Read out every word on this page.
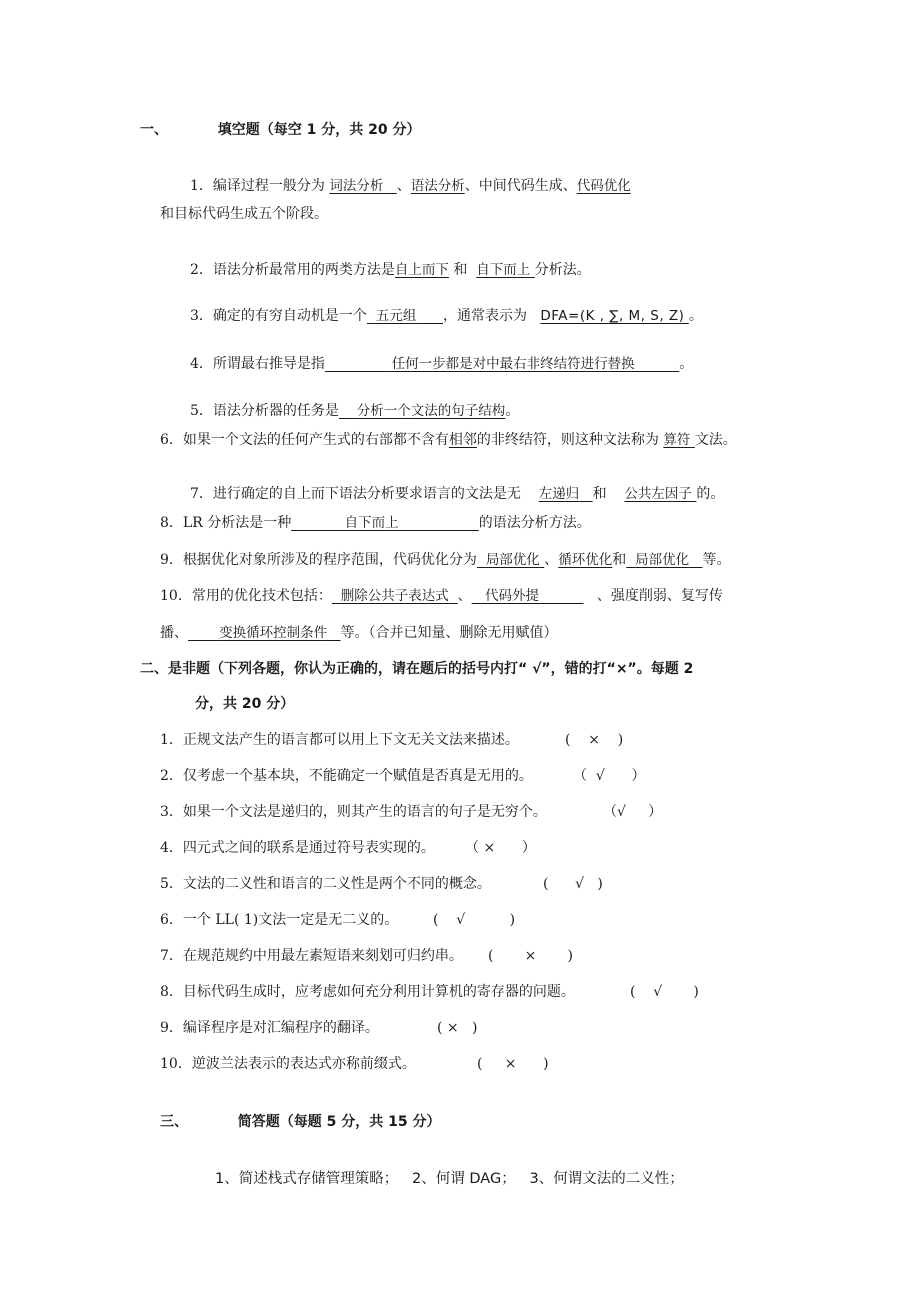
一、	填空题（每空 1 分，共 20 分）
1．编译过程一般分为 词法分析 、语法分析、中间代码生成、代码优化
和目标代码生成五个阶段。
2．语法分析最常用的两类方法是自上而下 和  自下而上 分析法。
3．确定的有穷自动机是一个 五元组 ，通常表示为   DFA=(K , ∑, M, S, Z) 。
4．所谓最右推导是指	任何一步都是对中最右非终结符进行替换	。
5．语法分析器的任务是 分析一个文法的句子结构。
6．如果一个文法的任何产生式的右部都不含有相邻的非终结符，则这种文法称为 算符 文法。
7．进行确定的自上而下语法分析要求语言的文法是无    左递归 和    公共左因子 的。
8．LR 分析法是一种	自下而上	的语法分析方法。
9．根据优化对象所涉及的程序范围，代码优化分为 局部优化 、循环优化和 局部优化 等。
10．常用的优化技术包括： 删除公共子表达式 、 代码外提	、强度削弱、复写传
播、 变换循环控制条件 等。（合并已知量、删除无用赋值）
二、是非题（下列各题，你认为正确的，请在题后的括号内打“ √”，错的打“×”。每题 2
分，共 20 分）
1．正规文法产生的语言都可以用上下文无关文法来描述。	(    ×    )
2．仅考虑一个基本块，不能确定一个赋值是否真是无用的。	（  √      ）
3．如果一个文法是递归的，则其产生的语言的句子是无穷个。	（√     ）
4．四元式之间的联系是通过符号表实现的。 （ ×      ）
5．文法的二义性和语言的二义性是两个不同的概念。	(      √   )
6．一个 LL( 1)文法一定是无二义的。 (    √          )
7．在规范规约中用最左素短语来刻划可归约串。 (       ×       )
8．目标代码生成时，应考虑如何充分利用计算机的寄存器的问题。	(    √       )
9．编译程序是对汇编程序的翻译。	( ×   )
10．逆波兰法表示的表达式亦称前缀式。	(     ×      )
三、	简答题（每题 5 分，共 15 分）
1、简述栈式存储管理策略；   2、何谓 DAG；   3、何谓文法的二义性；
